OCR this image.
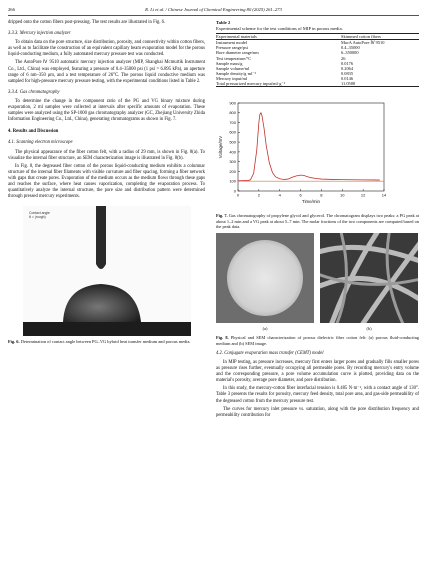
266	R. Li et al. / Chinese Journal of Chemical Engineering 80 (2025) 261–273

dripped onto the cotton fibers post-pressing. The test results are illustrated in Fig. 6.

3.3.3. Mercury injection analyzer

To obtain data on the pore structure, size distribution, porosity, and connectivity within cotton fibers, as well as to facilitate the construction of an equivalent capillary beam evaporation model for the porous liquid-conducting medium, a fully automated mercury pressure test was conducted.

The AutoPore Ⅳ 9510 automatic mercury injection analyzer (MIP, Shanghai Mcmurtik Instrument Co., Ltd., China) was employed, featuring a pressure of 0.4–35000 psi (1 psi = 6.895 kPa), an aperture range of 6 nm–350 μm, and a test temperature of 26°C. The porous liquid conductive medium was sampled for high-pressure mercury pressure testing, with the experimental conditions listed in Table 2.

3.3.4. Gas chromatography

To determine the change in the component ratio of the PG and VG binary mixture during evaporation, 2 ml samples were collected at intervals after specific amounts of evaporation. These samples were analyzed using the SP-1000 gas chromatography analyzer (GC, Zhejiang University Zhida Information Engineering Co., Ltd., China), generating chromatograms as shown in Fig. 7.

4. Results and Discussion
4.1. Scanning electron microscope

The physical appearance of the fiber cotton felt, with a radius of 29 mm, is shown in Fig. 8(a). To visualize the internal fiber structure, an SEM characterization image is illustrated in Fig. 8(b).

In Fig. 8, the degreased fiber cotton of the porous liquid-conducting medium exhibits a columnar structure of the internal fiber filaments with visible curvature and fiber spacing, forming a fiber network with gaps that create pores. Evaporation of the medium occurs as the medium flows through these gaps and reaches the surface, where heat causes vaporization, completing the evaporation process. To quantitatively analyze the internal structure, the pore size and distribution pattern were determined through pressed mercury experiments.

Contact angle
θ = (rough)
Fig. 6. Determination of contact angle between PG–VG hybrid heat transfer medium and porous media.
Table 2
Experimental scheme for the test conditions of MIP in porous media.
Experimental materials	Skimmed cotton fibers
Instrument model	MacA AutoPore Ⅳ 9510
Pressure range/psi	0.4–35000
Bore diameter range/nm	6–350000
Test temperature/°C	26
Sample mass/g	0.0176
Sample volume/ml	0.2064
Sample density/g·ml⁻¹	0.0835
Mercury input/ml	0.0146
Total pressurized mercury input/ml·g⁻¹	11.0588
0
100
200
300
400
500
600
700
800
900
0	2	4	6	8	10	12	14
Time/min
Voltage/mV
Fig. 7. Gas chromatography of propylene glycol and glycerol. The chromatogram displays two peaks: a PG peak at about 1–2 min and a VG peak at about 5–7 min. The molar fractions of the two components are computed based on the peak data.
(a)	(b)
Fig. 8. Physical and SEM characterization of porous dielectric fiber cotton felt: (a) porous fluid-conducting medium and (b) SEM image.
4.2. Conjugate evaporation mass transfer (CEMT) model

In MIP testing, as pressure increases, mercury first enters larger pores and gradually fills smaller pores as pressure rises further, eventually occupying all permeable pores. By recording mercury's entry volume and the corresponding pressure, a pore volume accumulation curve is plotted, providing data on the material's porosity, average pore diameter, and pore distribution.

In this study, the mercury-cotton fiber interfacial tension is 0.485 N·m⁻¹, with a contact angle of 130°. Table 3 presents the results for porosity, mercury feed density, total pore area, and gas-side permeability of the degreased cotton from the mercury pressure test.

The curves for mercury inlet pressure vs. saturation, along with the pore distribution frequency and permeability contribution for
